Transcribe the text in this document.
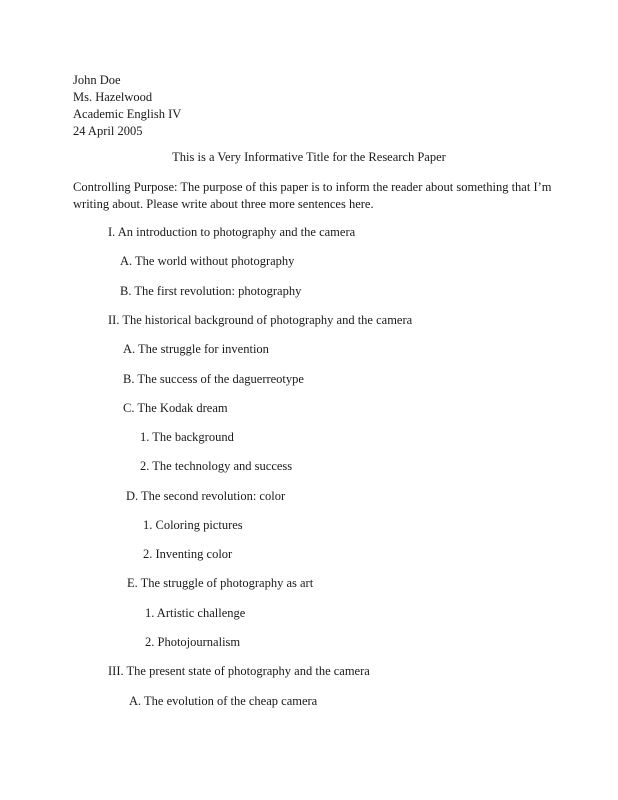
John Doe
Ms. Hazelwood
Academic English IV
24 April 2005
This is a Very Informative Title for the Research Paper
Controlling Purpose: The purpose of this paper is to inform the reader about something that I’m writing about. Please write about three more sentences here.
I. An introduction to photography and the camera
A. The world without photography
B. The first revolution: photography
II. The historical background of photography and the camera
A. The struggle for invention
B. The success of the daguerreotype
C. The Kodak dream
1. The background
2. The technology and success
D. The second revolution: color
1. Coloring pictures
2. Inventing color
E. The struggle of photography as art
1. Artistic challenge
2. Photojournalism
III. The present state of photography and the camera
A. The evolution of the cheap camera
